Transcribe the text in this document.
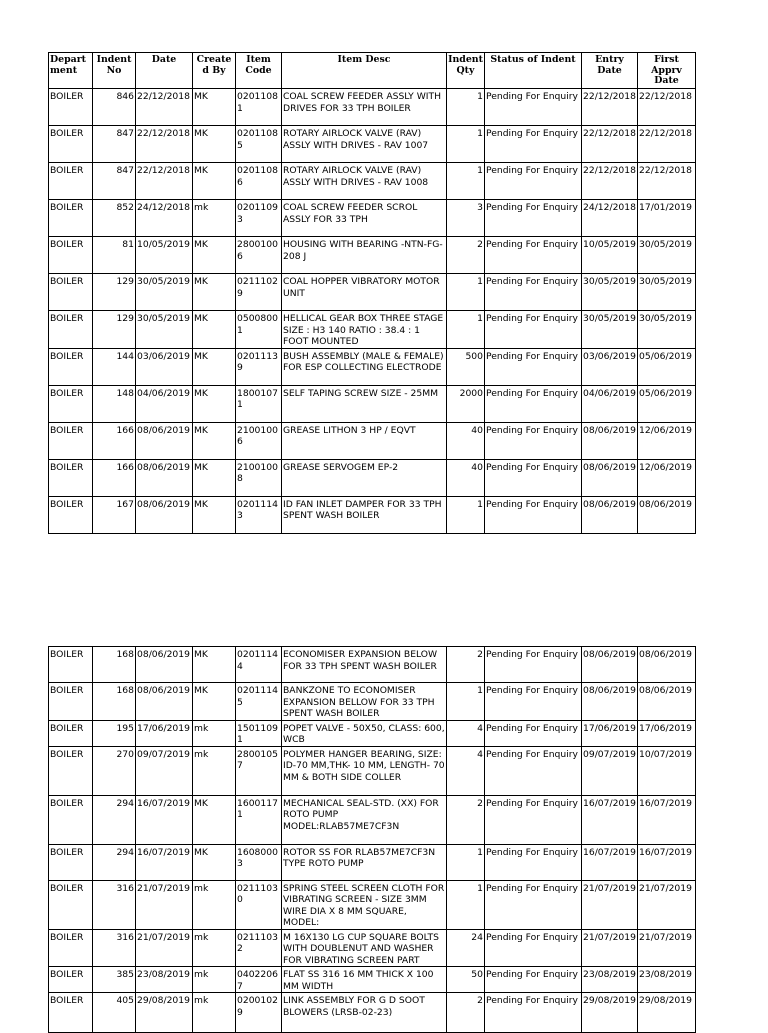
Depart ment	Indent No	Date	Created By	Item Code	Item Desc	Indent Qty	Status of Indent	Entry Date	First Apprv Date
BOILER	846	22/12/2018	MK	02011081	COAL SCREW FEEDER ASSLY WITH DRIVES FOR 33 TPH BOILER	1	Pending For Enquiry	22/12/2018	22/12/2018
BOILER	847	22/12/2018	MK	02011085	ROTARY AIRLOCK VALVE (RAV) ASSLY WITH DRIVES - RAV 1007	1	Pending For Enquiry	22/12/2018	22/12/2018
BOILER	847	22/12/2018	MK	02011086	ROTARY AIRLOCK VALVE (RAV) ASSLY WITH DRIVES - RAV 1008	1	Pending For Enquiry	22/12/2018	22/12/2018
BOILER	852	24/12/2018	mk	02011093	COAL SCREW FEEDER SCROL ASSLY FOR 33 TPH	3	Pending For Enquiry	24/12/2018	17/01/2019
BOILER	81	10/05/2019	MK	28001006	HOUSING WITH BEARING -NTN-FG-208 J	2	Pending For Enquiry	10/05/2019	30/05/2019
BOILER	129	30/05/2019	MK	02111029	COAL HOPPER VIBRATORY MOTOR UNIT	1	Pending For Enquiry	30/05/2019	30/05/2019
BOILER	129	30/05/2019	MK	05008001	HELLICAL GEAR BOX THREE STAGE SIZE : H3 140 RATIO : 38.4 : 1 FOOT MOUNTED	1	Pending For Enquiry	30/05/2019	30/05/2019
BOILER	144	03/06/2019	MK	02011139	BUSH ASSEMBLY (MALE & FEMALE) FOR ESP COLLECTING ELECTRODE	500	Pending For Enquiry	03/06/2019	05/06/2019
BOILER	148	04/06/2019	MK	18001071	SELF TAPING SCREW SIZE - 25MM	2000	Pending For Enquiry	04/06/2019	05/06/2019
BOILER	166	08/06/2019	MK	21001006	GREASE LITHON 3 HP / EQVT	40	Pending For Enquiry	08/06/2019	12/06/2019
BOILER	166	08/06/2019	MK	21001008	GREASE SERVOGEM EP-2	40	Pending For Enquiry	08/06/2019	12/06/2019
BOILER	167	08/06/2019	MK	02011143	ID FAN INLET DAMPER FOR 33 TPH SPENT WASH BOILER	1	Pending For Enquiry	08/06/2019	08/06/2019
BOILER	168	08/06/2019	MK	02011144	ECONOMISER EXPANSION BELOW FOR 33 TPH SPENT WASH BOILER	2	Pending For Enquiry	08/06/2019	08/06/2019
BOILER	168	08/06/2019	MK	02011145	BANKZONE TO ECONOMISER EXPANSION BELLOW FOR 33 TPH SPENT WASH BOILER	1	Pending For Enquiry	08/06/2019	08/06/2019
BOILER	195	17/06/2019	mk	15011091	POPET VALVE - 50X50, CLASS: 600, WCB	4	Pending For Enquiry	17/06/2019	17/06/2019
BOILER	270	09/07/2019	mk	28001057	POLYMER HANGER BEARING, SIZE: ID-70 MM,THK- 10 MM, LENGTH- 70 MM & BOTH SIDE COLLER	4	Pending For Enquiry	09/07/2019	10/07/2019
BOILER	294	16/07/2019	MK	16001171	MECHANICAL SEAL-STD. (XX) FOR ROTO PUMP MODEL:RLAB57ME7CF3N	2	Pending For Enquiry	16/07/2019	16/07/2019
BOILER	294	16/07/2019	MK	16080003	ROTOR SS FOR RLAB57ME7CF3N TYPE ROTO PUMP	1	Pending For Enquiry	16/07/2019	16/07/2019
BOILER	316	21/07/2019	mk	02111030	SPRING STEEL SCREEN CLOTH FOR VIBRATING SCREEN - SIZE 3MM WIRE DIA X 8 MM SQUARE, MODEL:	1	Pending For Enquiry	21/07/2019	21/07/2019
BOILER	316	21/07/2019	mk	02111032	M 16X130 LG CUP SQUARE BOLTS WITH DOUBLENUT AND WASHER FOR VIBRATING SCREEN PART	24	Pending For Enquiry	21/07/2019	21/07/2019
BOILER	385	23/08/2019	mk	04022067	FLAT SS 316 16 MM THICK X 100 MM WIDTH	50	Pending For Enquiry	23/08/2019	23/08/2019
BOILER	405	29/08/2019	mk	02001029	LINK ASSEMBLY FOR G D SOOT BLOWERS (LRSB-02-23)	2	Pending For Enquiry	29/08/2019	29/08/2019
